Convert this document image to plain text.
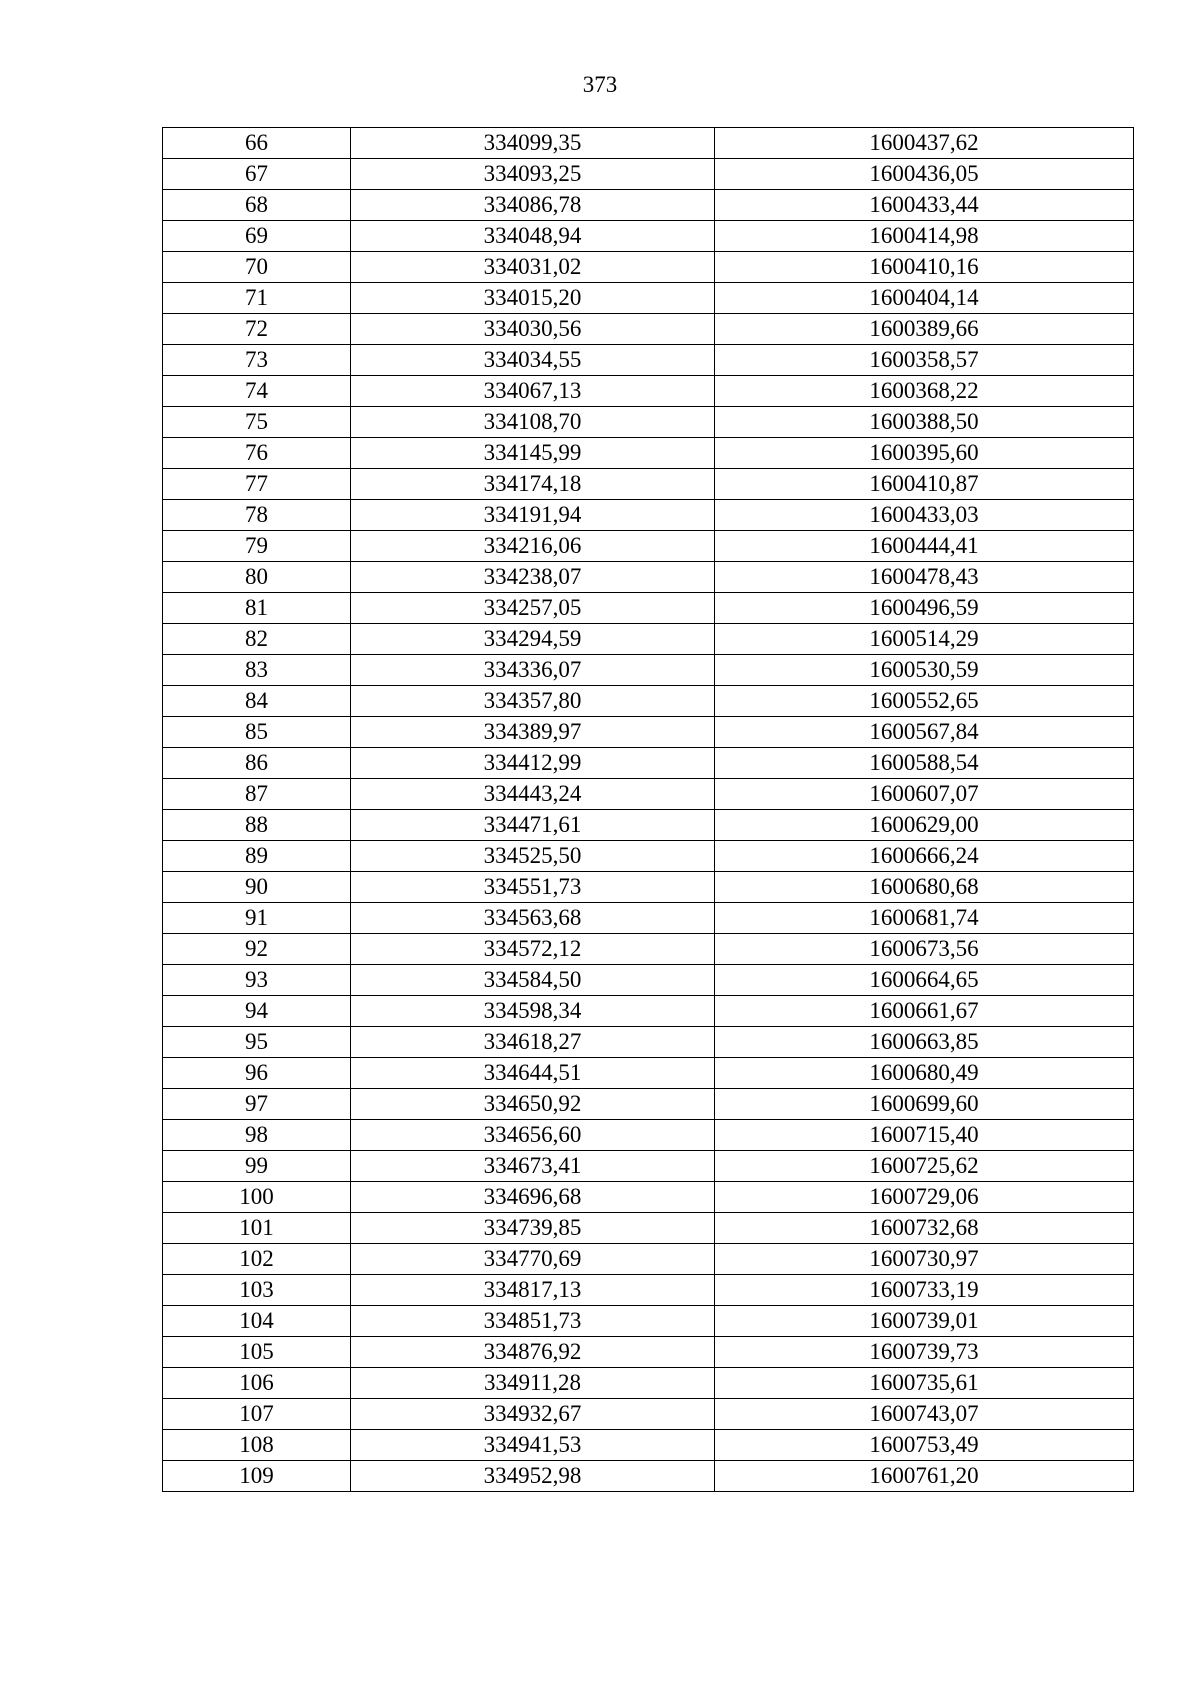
373
66	334099,35	1600437,62
67	334093,25	1600436,05
68	334086,78	1600433,44
69	334048,94	1600414,98
70	334031,02	1600410,16
71	334015,20	1600404,14
72	334030,56	1600389,66
73	334034,55	1600358,57
74	334067,13	1600368,22
75	334108,70	1600388,50
76	334145,99	1600395,60
77	334174,18	1600410,87
78	334191,94	1600433,03
79	334216,06	1600444,41
80	334238,07	1600478,43
81	334257,05	1600496,59
82	334294,59	1600514,29
83	334336,07	1600530,59
84	334357,80	1600552,65
85	334389,97	1600567,84
86	334412,99	1600588,54
87	334443,24	1600607,07
88	334471,61	1600629,00
89	334525,50	1600666,24
90	334551,73	1600680,68
91	334563,68	1600681,74
92	334572,12	1600673,56
93	334584,50	1600664,65
94	334598,34	1600661,67
95	334618,27	1600663,85
96	334644,51	1600680,49
97	334650,92	1600699,60
98	334656,60	1600715,40
99	334673,41	1600725,62
100	334696,68	1600729,06
101	334739,85	1600732,68
102	334770,69	1600730,97
103	334817,13	1600733,19
104	334851,73	1600739,01
105	334876,92	1600739,73
106	334911,28	1600735,61
107	334932,67	1600743,07
108	334941,53	1600753,49
109	334952,98	1600761,20
